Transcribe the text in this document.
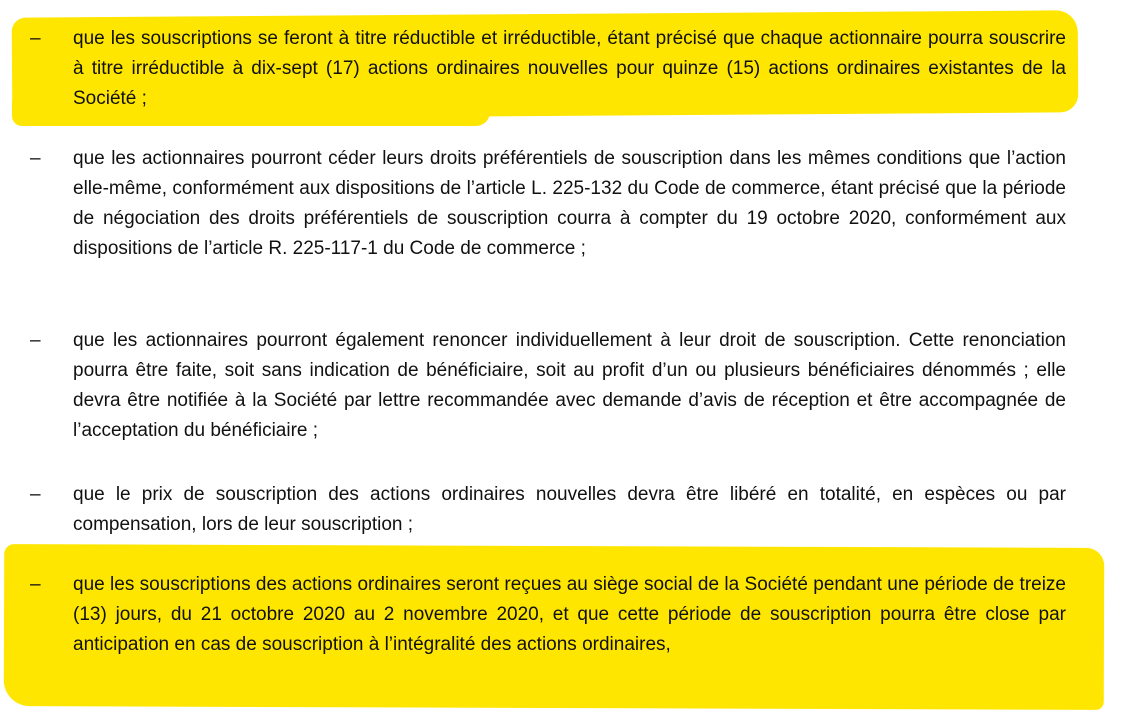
– que les souscriptions se feront à titre réductible et irréductible, étant précisé que chaque actionnaire pourra souscrire à titre irréductible à dix-sept (17) actions ordinaires nouvelles pour quinze (15) actions ordinaires existantes de la Société ;

– que les actionnaires pourront céder leurs droits préférentiels de souscription dans les mêmes conditions que l’action elle-même, conformément aux dispositions de l’article L. 225-132 du Code de commerce, étant précisé que la période de négociation des droits préférentiels de souscription courra à compter du 19 octobre 2020, conformément aux dispositions de l’article R. 225-117-1 du Code de commerce ;

– que les actionnaires pourront également renoncer individuellement à leur droit de souscription. Cette renonciation pourra être faite, soit sans indication de bénéficiaire, soit au profit d’un ou plusieurs bénéficiaires dénommés ; elle devra être notifiée à la Société par lettre recommandée avec demande d’avis de réception et être accompagnée de l’acceptation du bénéficiaire ;

– que le prix de souscription des actions ordinaires nouvelles devra être libéré en totalité, en espèces ou par compensation, lors de leur souscription ;

– que les souscriptions des actions ordinaires seront reçues au siège social de la Société pendant une période de treize (13) jours, du 21 octobre 2020 au 2 novembre 2020, et que cette période de souscription pourra être close par anticipation en cas de souscription à l’intégralité des actions ordinaires,
